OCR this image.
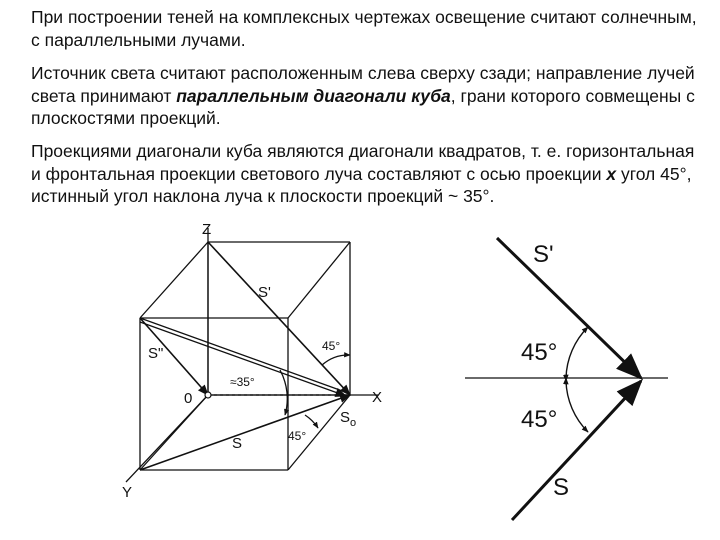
При построении теней на комплексных чертежах освещение считают солнечным, с параллельными лучами.

Источник света считают расположенным слева сверху сзади; направление лучей света принимают параллельным диагонали куба, грани которого совмещены с плоскостями проекций.

Проекциями диагонали куба являются диагонали квадратов, т. е. горизонтальная и фронтальная проекции светового луча составляют с осью проекции x угол 45°, истинный угол наклона луча к плоскости проекций ~ 35°.

Z
X
Y
0
S'
S"
S
$S_o$
45°
≈35°
45°
S'
S
45°
45°
